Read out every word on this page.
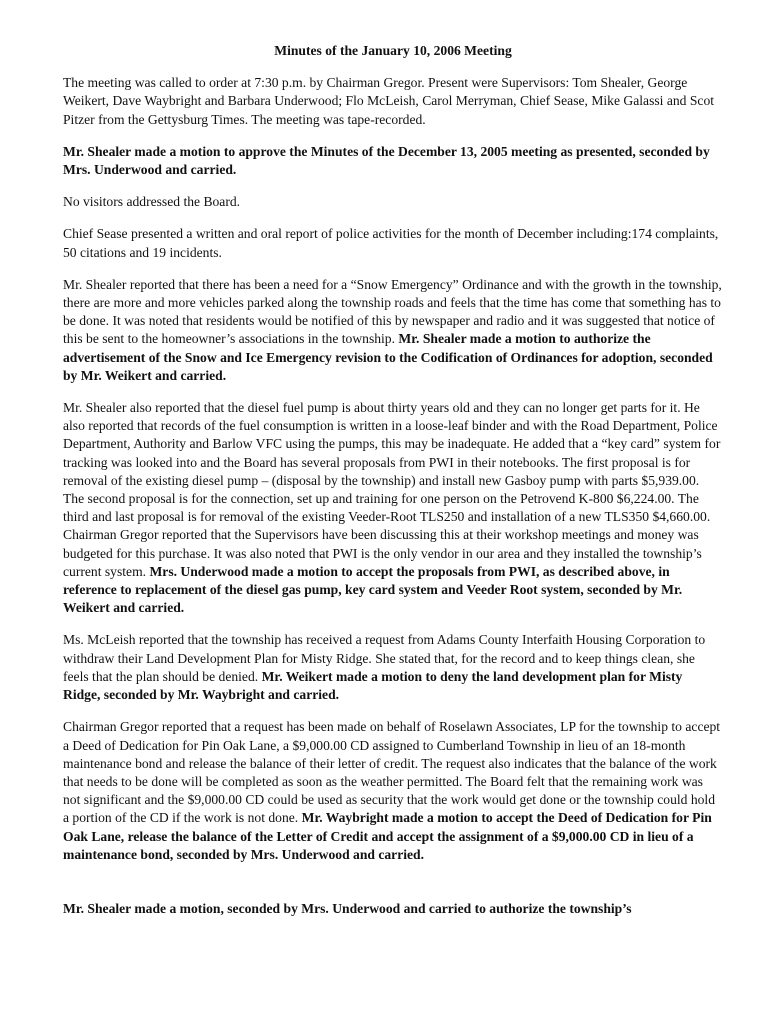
Minutes of the January 10, 2006 Meeting

The meeting was called to order at 7:30 p.m. by Chairman Gregor. Present were Supervisors: Tom Shealer, George Weikert, Dave Waybright and Barbara Underwood; Flo McLeish, Carol Merryman, Chief Sease, Mike Galassi and Scot Pitzer from the Gettysburg Times. The meeting was tape-recorded.

Mr. Shealer made a motion to approve the Minutes of the December 13, 2005 meeting as presented, seconded by Mrs. Underwood and carried.

No visitors addressed the Board.

Chief Sease presented a written and oral report of police activities for the month of December including:174 complaints, 50 citations and 19 incidents.

Mr. Shealer reported that there has been a need for a “Snow Emergency” Ordinance and with the growth in the township, there are more and more vehicles parked along the township roads and feels that the time has come that something has to be done. It was noted that residents would be notified of this by newspaper and radio and it was suggested that notice of this be sent to the homeowner’s associations in the township. Mr. Shealer made a motion to authorize the advertisement of the Snow and Ice Emergency revision to the Codification of Ordinances for adoption, seconded by Mr. Weikert and carried.

Mr. Shealer also reported that the diesel fuel pump is about thirty years old and they can no longer get parts for it. He also reported that records of the fuel consumption is written in a loose-leaf binder and with the Road Department, Police Department, Authority and Barlow VFC using the pumps, this may be inadequate. He added that a “key card” system for tracking was looked into and the Board has several proposals from PWI in their notebooks. The first proposal is for removal of the existing diesel pump – (disposal by the township) and install new Gasboy pump with parts $5,939.00. The second proposal is for the connection, set up and training for one person on the Petrovend K-800 $6,224.00. The third and last proposal is for removal of the existing Veeder-Root TLS250 and installation of a new TLS350 $4,660.00. Chairman Gregor reported that the Supervisors have been discussing this at their workshop meetings and money was budgeted for this purchase. It was also noted that PWI is the only vendor in our area and they installed the township’s current system. Mrs. Underwood made a motion to accept the proposals from PWI, as described above, in reference to replacement of the diesel gas pump, key card system and Veeder Root system, seconded by Mr. Weikert and carried.

Ms. McLeish reported that the township has received a request from Adams County Interfaith Housing Corporation to withdraw their Land Development Plan for Misty Ridge. She stated that, for the record and to keep things clean, she feels that the plan should be denied. Mr. Weikert made a motion to deny the land development plan for Misty Ridge, seconded by Mr. Waybright and carried.

Chairman Gregor reported that a request has been made on behalf of Roselawn Associates, LP for the township to accept a Deed of Dedication for Pin Oak Lane, a $9,000.00 CD assigned to Cumberland Township in lieu of an 18-month maintenance bond and release the balance of their letter of credit. The request also indicates that the balance of the work that needs to be done will be completed as soon as the weather permitted. The Board felt that the remaining work was not significant and the $9,000.00 CD could be used as security that the work would get done or the township could hold a portion of the CD if the work is not done. Mr. Waybright made a motion to accept the Deed of Dedication for Pin Oak Lane, release the balance of the Letter of Credit and accept the assignment of a $9,000.00 CD in lieu of a maintenance bond, seconded by Mrs. Underwood and carried.

Mr. Shealer made a motion, seconded by Mrs. Underwood and carried to authorize the township’s
